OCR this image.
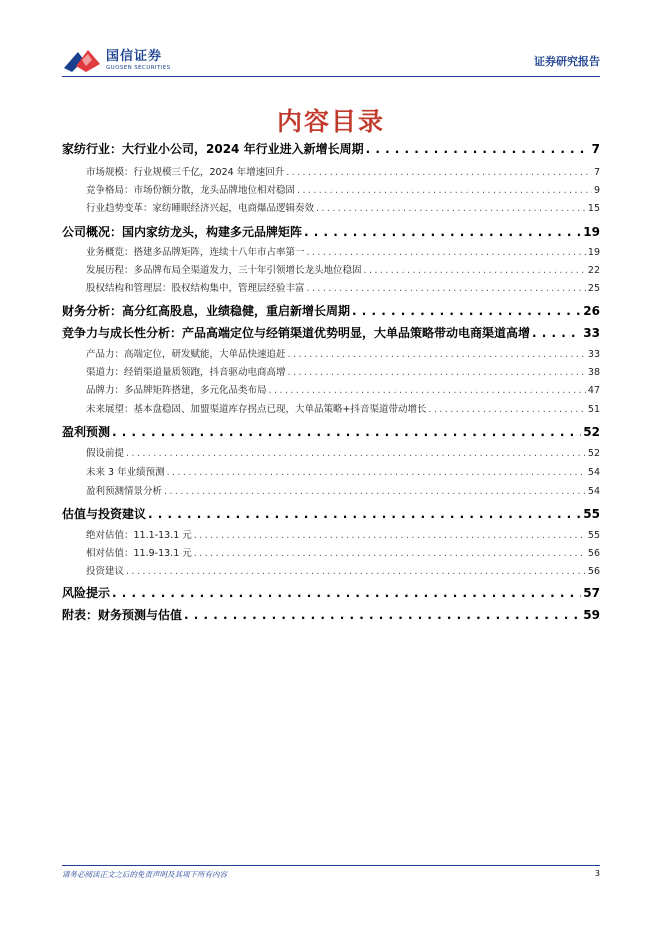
国信证券
GUOSEN SECURITIES	证券研究报告
内容目录
家纺行业：大行业小公司，2024 年行业进入新增长周期 . . .	7
市场规模：行业规模三千亿，2024 年增速回升 . . .	7
竞争格局：市场份额分散，龙头品牌地位相对稳固 . . .	9
行业趋势变革：家纺睡眠经济兴起，电商爆品逻辑奏效 . . .	15
公司概况：国内家纺龙头，构建多元品牌矩阵 . . .	19
业务概览：搭建多品牌矩阵，连续十八年市占率第一 . . .	19
发展历程：多品牌布局全渠道发力，三十年引领增长龙头地位稳固 . . .	22
股权结构和管理层：股权结构集中，管理层经验丰富 . . .	25
财务分析：高分红高股息，业绩稳健，重启新增长周期 . . .	26
竞争力与成长性分析：产品高端定位与经销渠道优势明显，大单品策略带动电商渠道高增 . . .	33
产品力：高端定位，研发赋能，大单品快速追赶 . . .	33
渠道力：经销渠道量质领跑，抖音驱动电商高增 . . .	38
品牌力：多品牌矩阵搭建，多元化品类布局 . . .	47
未来展望：基本盘稳固、加盟渠道库存拐点已现，大单品策略+抖音渠道带动增长 . . .	51
盈利预测 . . .	52
假设前提 . . .	52
未来 3 年业绩预测 . . .	54
盈利预测情景分析 . . .	54
估值与投资建议 . . .	55
绝对估值：11.1-13.1 元 . . .	55
相对估值：11.9-13.1 元 . . .	56
投资建议 . . .	56
风险提示 . . .	57
附表：财务预测与估值 . . .	59
请务必阅读正文之后的免责声明及其项下所有内容	3
